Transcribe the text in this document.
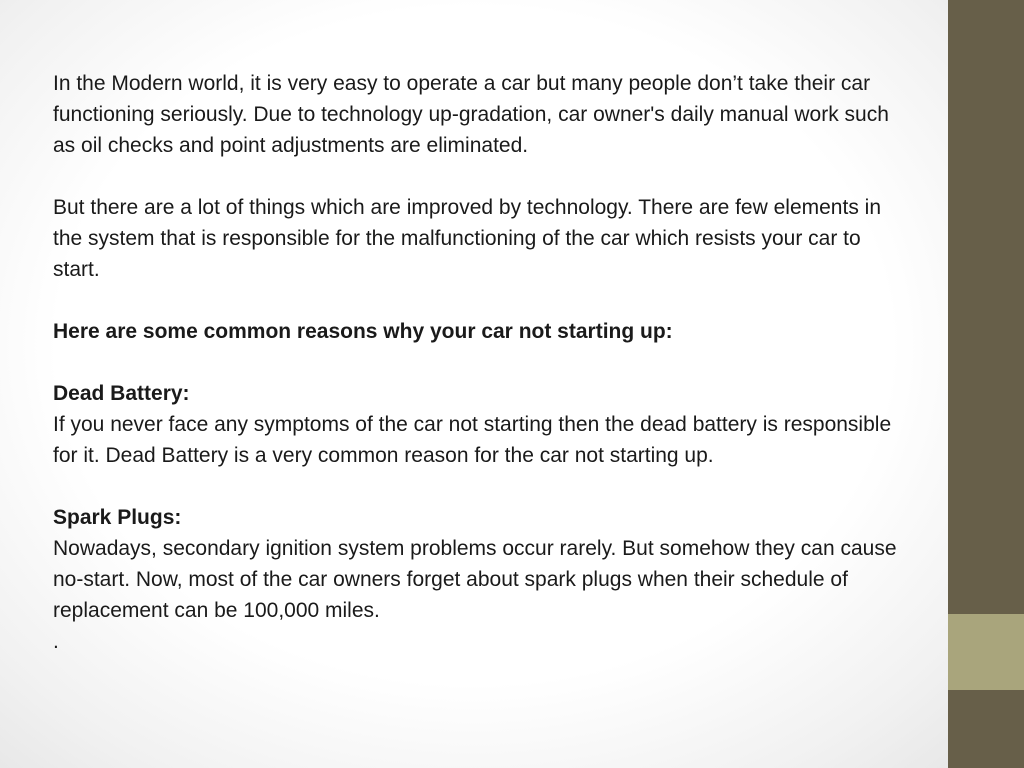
In the Modern world, it is very easy to operate a car but many people don’t take their car functioning seriously. Due to technology up-gradation, car owner's daily manual work such as oil checks and point adjustments are eliminated.

But there are a lot of things which are improved by technology. There are few elements in the system that is responsible for the malfunctioning of the car which resists your car to start.

Here are some common reasons why your car not starting up:

Dead Battery:

If you never face any symptoms of the car not starting then the dead battery is responsible for it. Dead Battery is a very common reason for the car not starting up.

Spark Plugs:

Nowadays, secondary ignition system problems occur rarely. But somehow they can cause no-start. Now, most of the car owners forget about spark plugs when their schedule of replacement can be 100,000 miles.

.
